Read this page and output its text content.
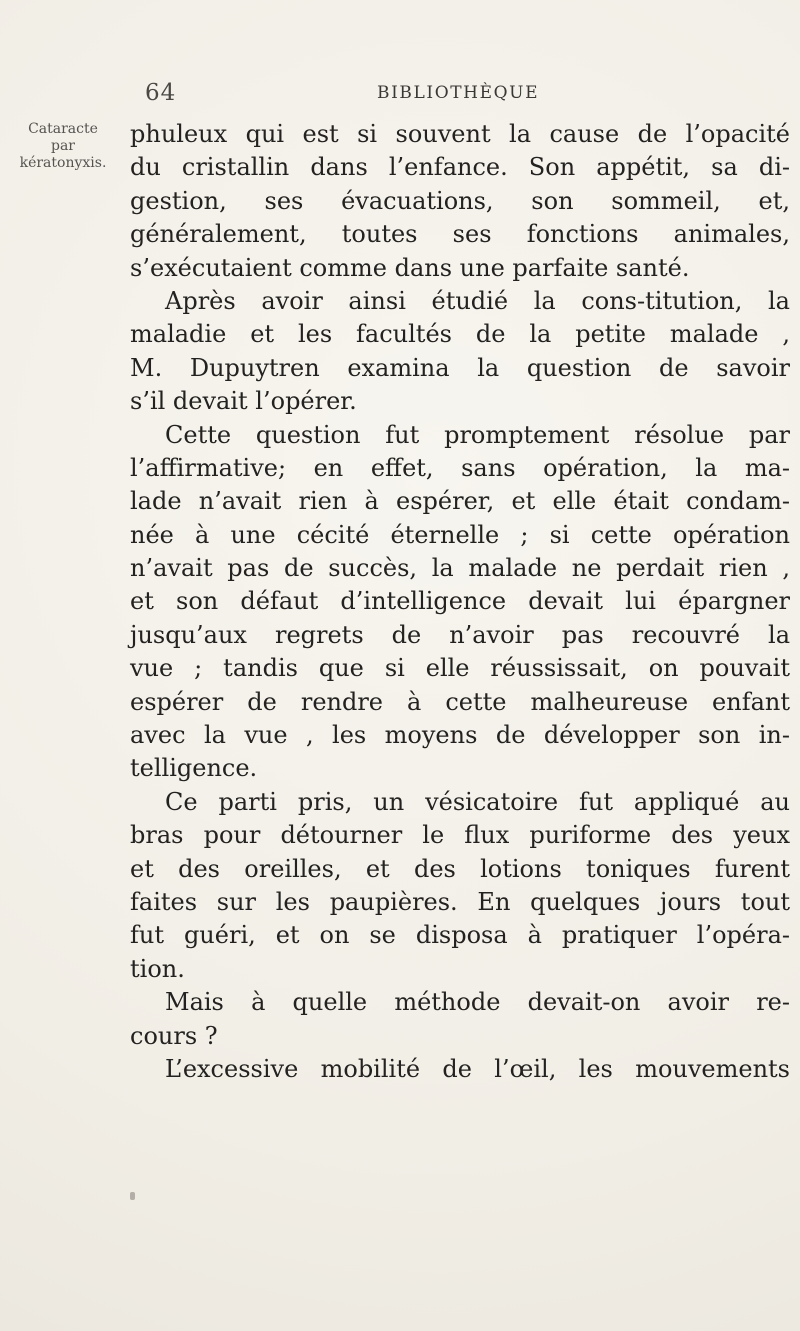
64	BIBLIOTHÈQUE
Cataracte
par
kératonyxis.
phuleux qui est si souvent la cause de l’opacité
du cristallin dans l’enfance. Son appétit, sa di-
gestion, ses évacuations, son sommeil, et,
généralement, toutes ses fonctions animales,
s’exécutaient comme dans une parfaite santé.
Après avoir ainsi étudié la cons-titution, la
maladie et les facultés de la petite malade ,
M. Dupuytren examina la question de savoir
s’il devait l’opérer.
Cette question fut promptement résolue par
l’affirmative; en effet, sans opération, la ma-
lade n’avait rien à espérer, et elle était condam-
née à une cécité éternelle ; si cette opération
n’avait pas de succès, la malade ne perdait rien ,
et son défaut d’intelligence devait lui épargner
jusqu’aux regrets de n’avoir pas recouvré la
vue ; tandis que si elle réussissait, on pouvait
espérer de rendre à cette malheureuse enfant
avec la vue , les moyens de développer son in-
telligence.
Ce parti pris, un vésicatoire fut appliqué au
bras pour détourner le flux puriforme des yeux
et des oreilles, et des lotions toniques furent
faites sur les paupières. En quelques jours tout
fut guéri, et on se disposa à pratiquer l’opéra-
tion.
Mais à quelle méthode devait-on avoir re-
cours ?
L’excessive mobilité de l’œil, les mouvements
